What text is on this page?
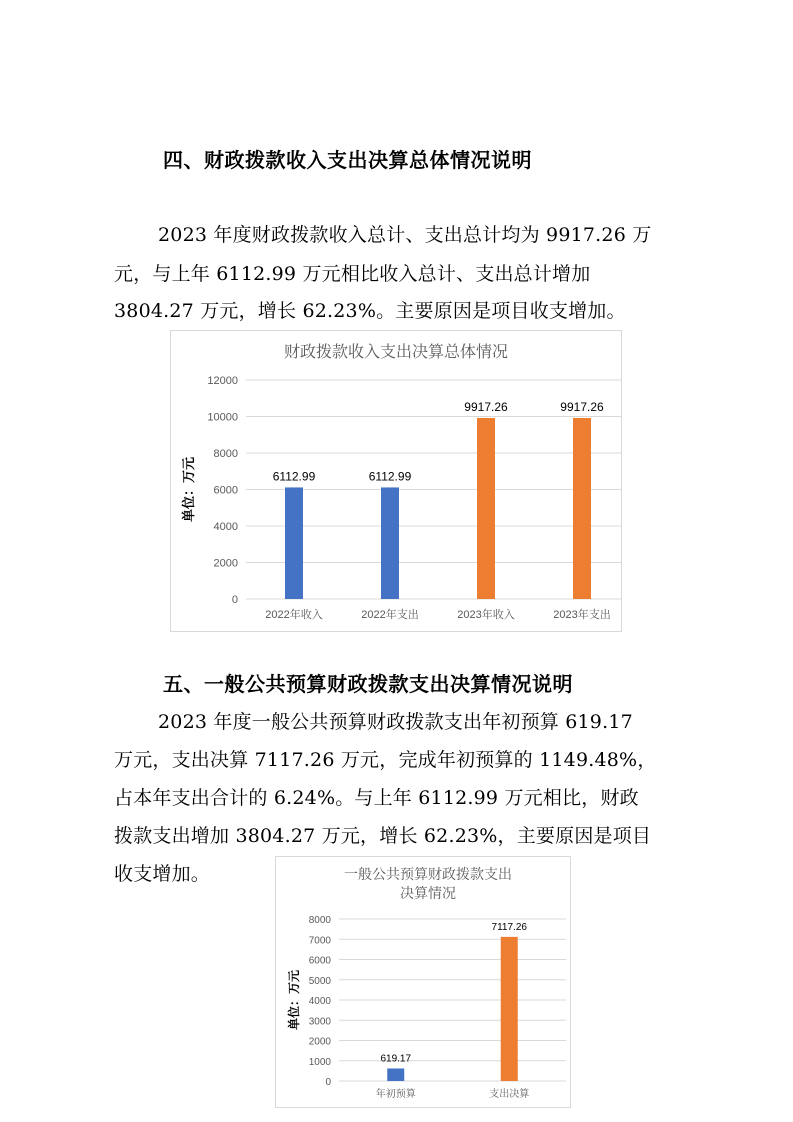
四、财政拨款收入支出决算总体情况说明
2023 年度财政拨款收入总计、支出总计均为 9917.26 万
元，与上年 6112.99 万元相比收入总计、支出总计增加
3804.27 万元，增长 62.23%。主要原因是项目收支增加。
财政拨款收入支出决算总体情况
0
2000
4000
6000
8000
10000
12000
单位：万元	6112.99
2022年收入
6112.99
2022年支出
9917.26
2023年收入
9917.26
2023年支出
五、一般公共预算财政拨款支出决算情况说明
2023 年度一般公共预算财政拨款支出年初预算 619.17
万元，支出决算 7117.26 万元，完成年初预算的 1149.48%，
占本年支出合计的 6.24%。与上年 6112.99 万元相比，财政
拨款支出增加 3804.27 万元，增长 62.23%，主要原因是项目
收支增加。	一般公共预算财政拨款支出
决算情况
0
1000
2000
3000
4000
5000
6000
7000
8000
单位：万元
619.17
年初预算
7117.26
支出决算
